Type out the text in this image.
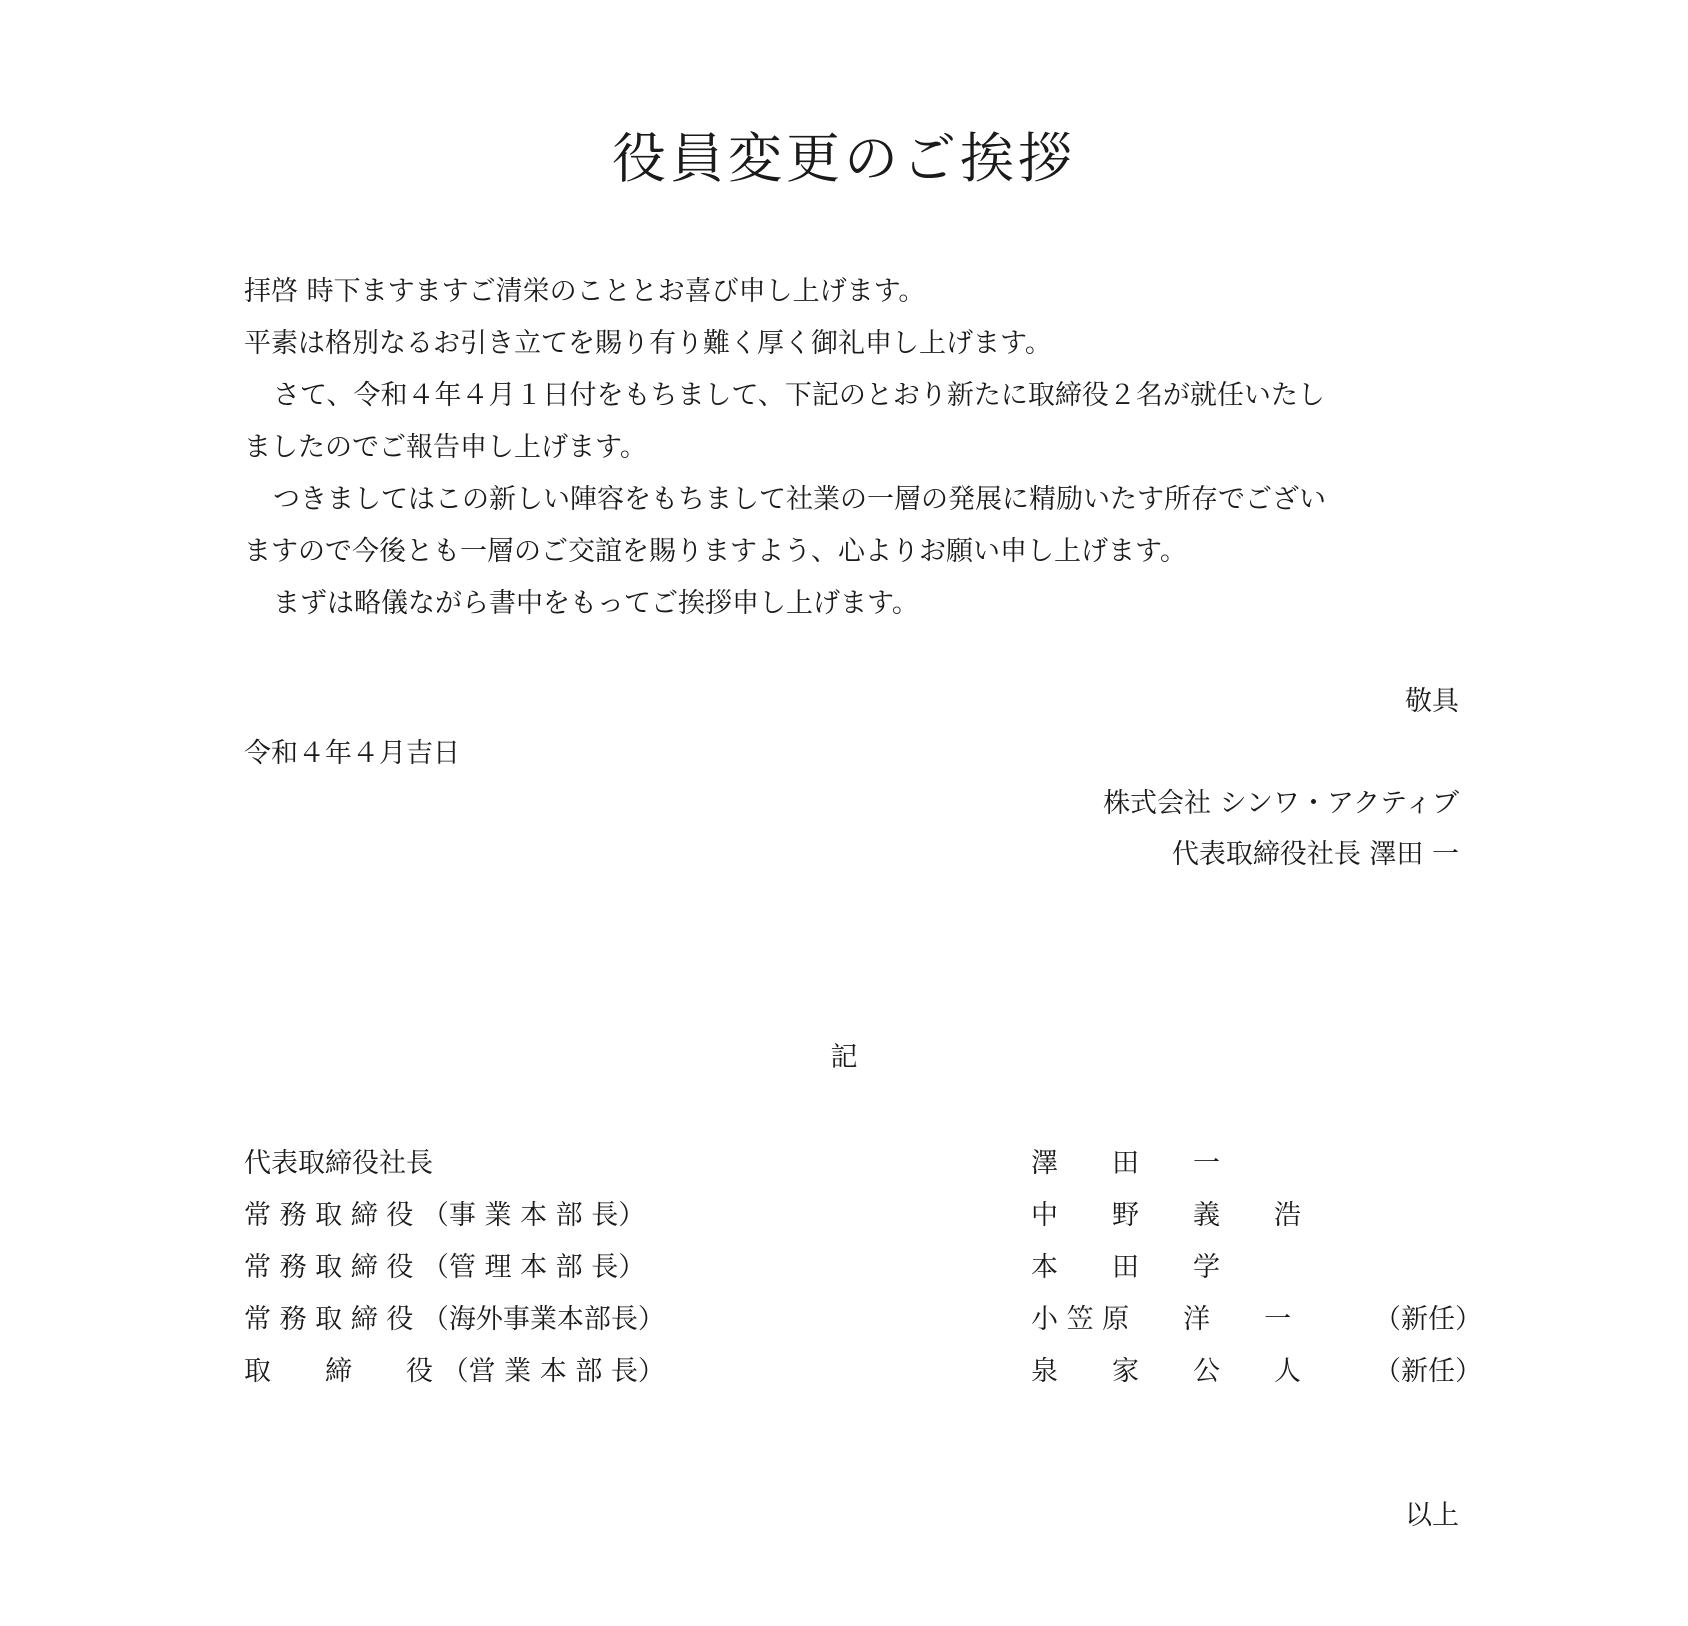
役員変更のご挨拶

拝啓 時下ますますご清栄のこととお喜び申し上げます。

平素は格別なるお引き立てを賜り有り難く厚く御礼申し上げます。

さて、令和４年４月１日付をもちまして、下記のとおり新たに取締役２名が就任いたし

ましたのでご報告申し上げます。

つきましてはこの新しい陣容をもちまして社業の一層の発展に精励いたす所存でござい

ますので今後とも一層のご交誼を賜りますよう、心よりお願い申し上げます。

まずは略儀ながら書中をもってご挨拶申し上げます。

敬具
令和４年４月吉日
株式会社 シンワ・アクティブ
代表取締役社長 澤田 一
記
代表取締役社長	澤　　田　　一
常 務 取 締 役 （事 業 本 部 長）	中　　野　　義　　浩
常 務 取 締 役 （管 理 本 部 長）	本　　田　　学
常 務 取 締 役 （海外事業本部長）	小 笠 原　　洋　　一	（新任）
取　　締　　役 （営 業 本 部 長）	泉　　家　　公　　人	（新任）
以上
